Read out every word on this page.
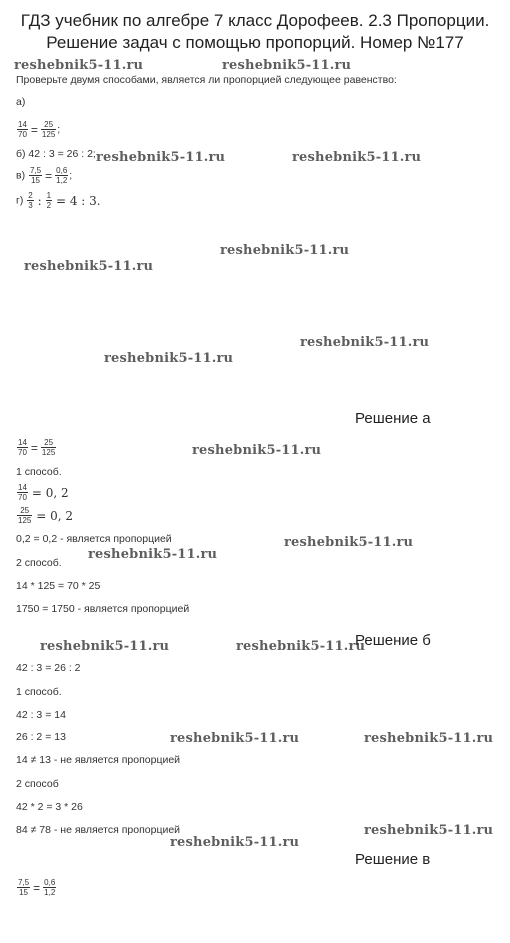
ГДЗ учебник по алгебре 7 класс Дорофеев. 2.3 Пропорции.
Решение задач с помощью пропорций. Номер №177
reshebnik5-11.ru	reshebnik5-11.ru
reshebnik5-11.ru	reshebnik5-11.ru
reshebnik5-11.ru
reshebnik5-11.ru
reshebnik5-11.ru
reshebnik5-11.ru
reshebnik5-11.ru
reshebnik5-11.ru
reshebnik5-11.ru
reshebnik5-11.ru	reshebnik5-11.ru
reshebnik5-11.ru	reshebnik5-11.ru
reshebnik5-11.ru
reshebnik5-11.ru
Проверьте двумя способами, является ли пропорцией следующее равенство:
а)
$\frac{14}{70} = \frac{25}{125}$ ;
б) 42 : 3 = 26 : 2;
$в) \frac{7,5}{15} = \frac{0,6}{1,2}$ ;
$г) \frac{2}{3}$ : $\frac{1}{2} = 4$ : 3.
Решение а
$\frac{14}{70} = \frac{25}{125}$
1 способ.
$\frac{14}{70} = 0$, 2
$\frac{25}{125} = 0$, 2
0,2 = 0,2 - является пропорцией
2 способ.
14 * 125 = 70 * 25
1750 = 1750 - является пропорцией
Решение б
42 : 3 = 26 : 2
1 способ.
42 : 3 = 14
26 : 2 = 13
14 ≠ 13 - не является пропорцией
2 способ
42 * 2 = 3 * 26
84 ≠ 78 - не является пропорцией
Решение в
$\frac{7,5}{15} = \frac{0,6}{1,2}$
